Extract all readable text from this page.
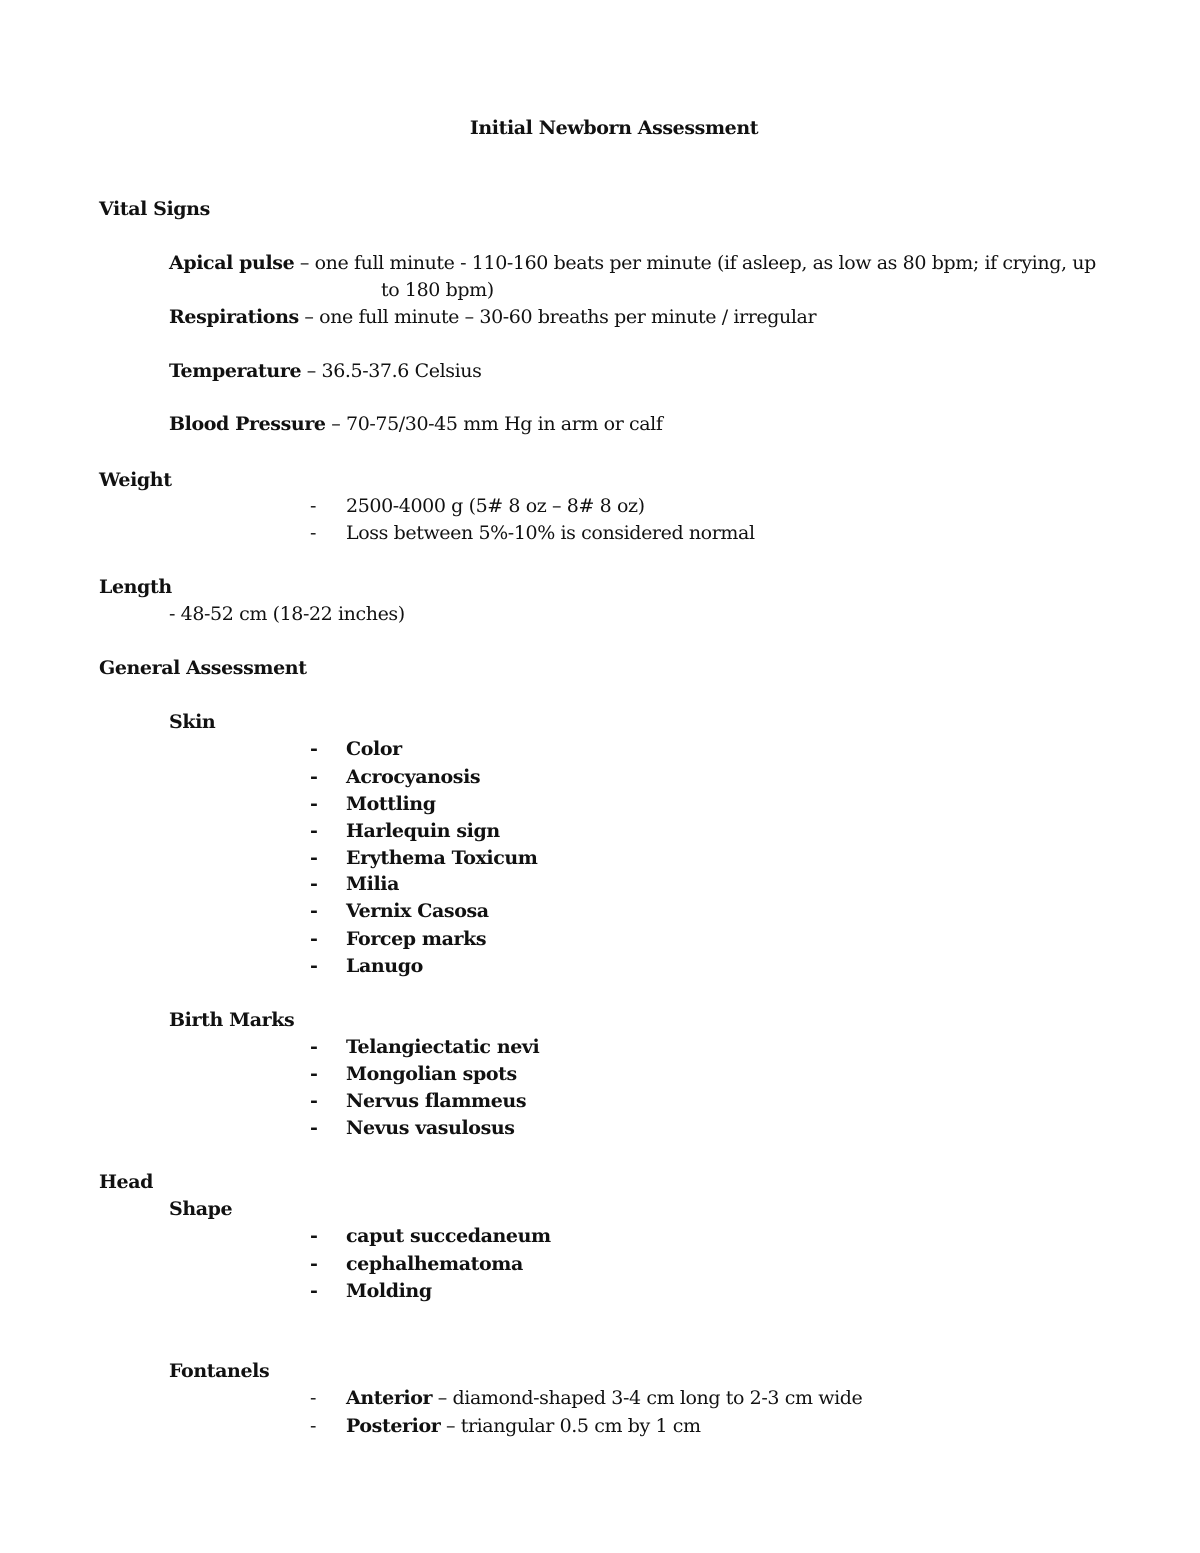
Initial Newborn Assessment
Vital Signs
Apical pulse – one full minute - 110-160 beats per minute (if asleep, as low as 80 bpm; if crying, up
to 180 bpm)
Respirations – one full minute – 30-60 breaths per minute / irregular
Temperature – 36.5-37.6 Celsius
Blood Pressure – 70-75/30-45 mm Hg in arm or calf
Weight
- 2500-4000 g (5# 8 oz – 8# 8 oz)
- Loss between 5%-10% is considered normal
Length
- 48-52 cm (18-22 inches)
General Assessment
Skin
- Color
- Acrocyanosis
- Mottling
- Harlequin sign
- Erythema Toxicum
- Milia
- Vernix Casosa
- Forcep marks
- Lanugo
Birth Marks
- Telangiectatic nevi
- Mongolian spots
- Nervus flammeus
- Nevus vasulosus
Head
Shape
- caput succedaneum
- cephalhematoma
- Molding
Fontanels
- Anterior – diamond-shaped 3-4 cm long to 2-3 cm wide
- Posterior – triangular 0.5 cm by 1 cm
